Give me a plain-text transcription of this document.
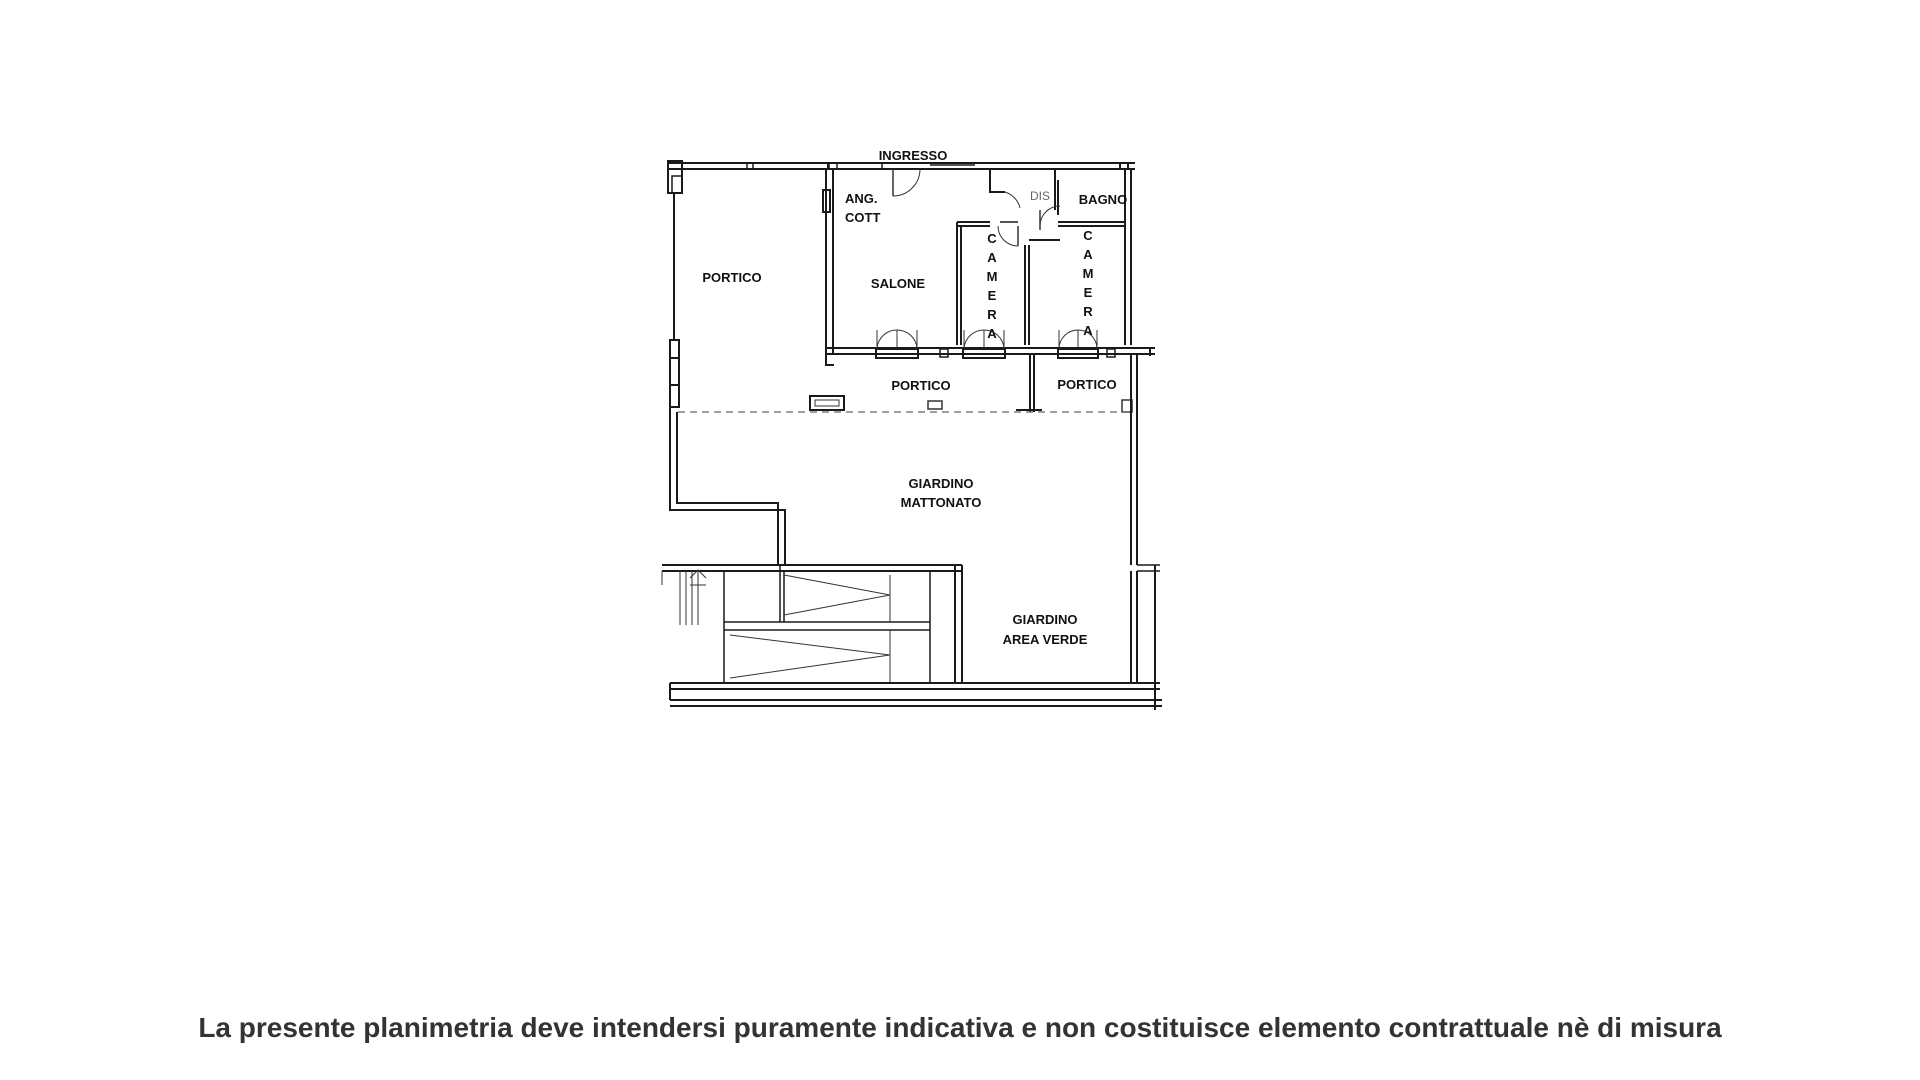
INGRESSO
ANG.
COTT
DIS BAGNO
PORTICO	SALONE
C
A
M
E
R
A
C
A
M
E
R
A
PORTICO	PORTICO
GIARDINO
MATTONATO
GIARDINO
AREA VERDE
La presente planimetria deve intendersi puramente indicativa e non costituisce elemento contrattuale nè di misura
